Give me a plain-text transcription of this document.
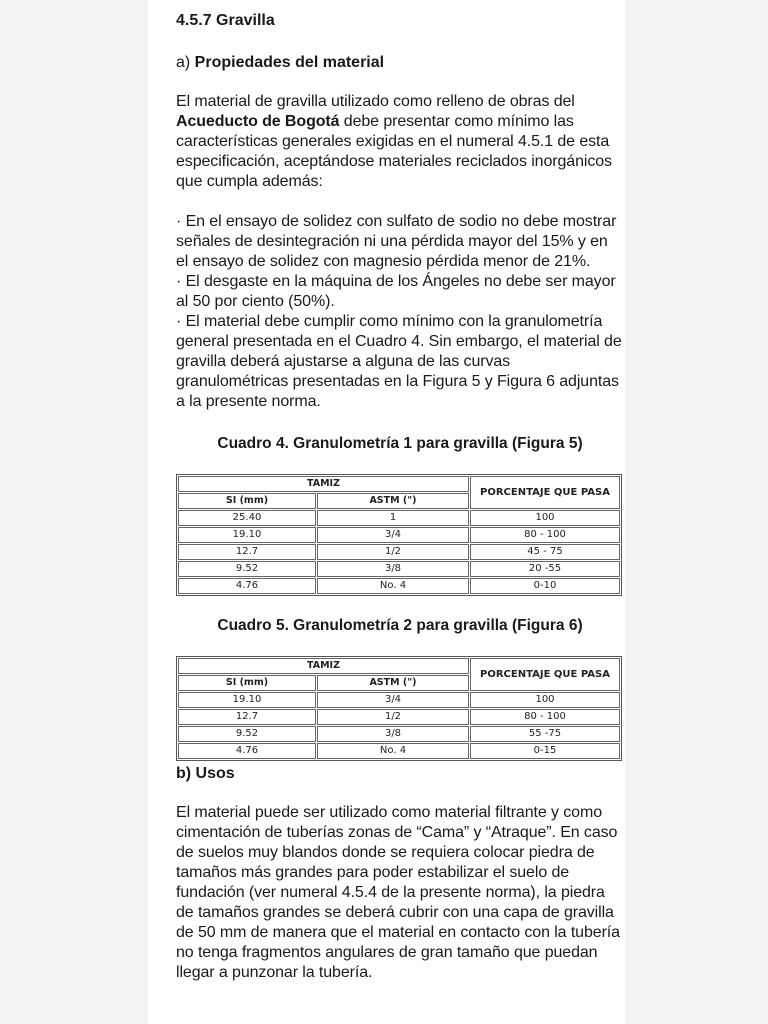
4.5.7 Gravilla
a) Propiedades del material

El material de gravilla utilizado como relleno de obras del Acueducto de Bogotá debe presentar como mínimo las características generales exigidas en el numeral 4.5.1 de esta especificación, aceptándose materiales reciclados inorgánicos que cumpla además:

· En el ensayo de solidez con sulfato de sodio no debe mostrar señales de desintegración ni una pérdida mayor del 15% y en el ensayo de solidez con magnesio pérdida menor de 21%.

· El desgaste en la máquina de los Ángeles no debe ser mayor al 50 por ciento (50%).

· El material debe cumplir como mínimo con la granulometría general presentada en el Cuadro 4. Sin embargo, el material de gravilla deberá ajustarse a alguna de las curvas granulométricas presentadas en la Figura 5 y Figura 6 adjuntas a la presente norma.

Cuadro 4. Granulometría 1 para gravilla (Figura 5)
TAMIZ		PORCENTAJE QUE PASA
SI (mm)	ASTM (")	
25.40	1	100
19.10	3/4	80 - 100
12.7	1/2	45 - 75
9.52	3/8	20 -55
4.76	No. 4	0-10
Cuadro 5. Granulometría 2 para gravilla (Figura 6)
TAMIZ		PORCENTAJE QUE PASA
SI (mm)	ASTM (")	
19.10	3/4	100
12.7	1/2	80 - 100
9.52	3/8	55 -75
4.76	No. 4	0-15
b) Usos

El material puede ser utilizado como material filtrante y como cimentación de tuberías zonas de “Cama” y “Atraque”. En caso de suelos muy blandos donde se requiera colocar piedra de tamaños más grandes para poder estabilizar el suelo de fundación (ver numeral 4.5.4 de la presente norma), la piedra de tamaños grandes se deberá cubrir con una capa de gravilla de 50 mm de manera que el material en contacto con la tubería no tenga fragmentos angulares de gran tamaño que puedan llegar a punzonar la tubería.
